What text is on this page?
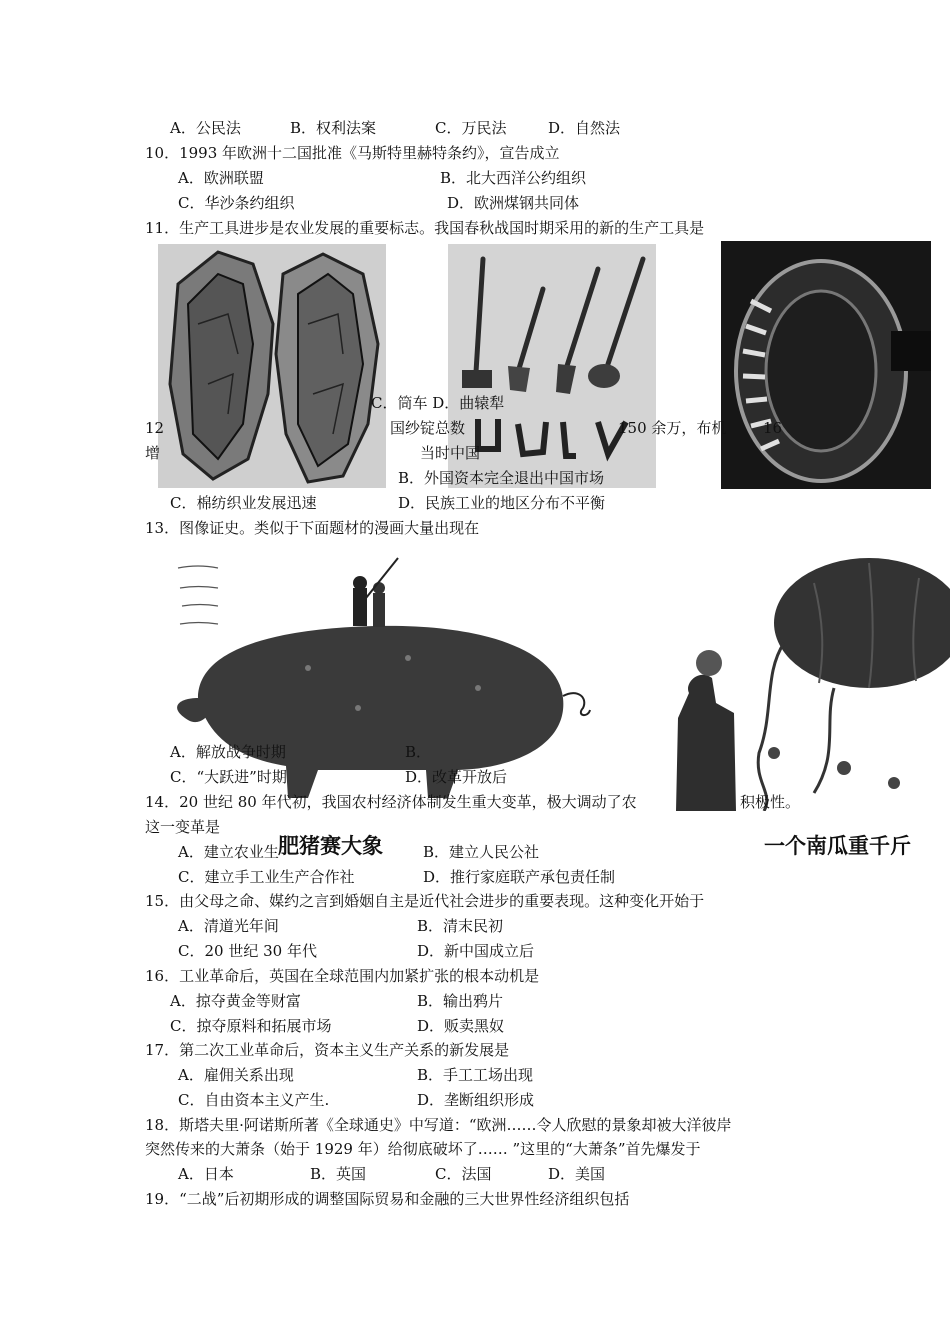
A．公民法	B．权利法案	C．万民法	D．自然法
10．1993 年欧洲十二国批准《马斯特里赫特条约》，宣告成立
A．欧洲联盟	B．北大西洋公约组织
C．华沙条约组织	D．欧洲煤钢共同体
11．生产工具进步是农业发展的重要标志。我国春秋战国时期采用的新的生产工具是
C．筒车 D．曲辕犁
12	国纱锭总数	150 余万，布机 16
增	当时中国
B．外国资本完全退出中国市场
C．棉纺织业发展迅速	D．民族工业的地区分布不平衡
13．图像证史。类似于下面题材的漫画大量出现在
肥猪赛大象	一个南瓜重千斤
A．解放战争时期	B．
C．“大跃进”时期	D．改革开放后
14．20 世纪 80 年代初，我国农村经济体制发生重大变革，极大调动了农	积极性。
这一变革是
A．建立农业生	B．建立人民公社
C．建立手工业生产合作社	D．推行家庭联产承包责任制
15．由父母之命、媒约之言到婚姻自主是近代社会进步的重要表现。这种变化开始于
A．清道光年间	B．清末民初
C．20 世纪 30 年代	D．新中国成立后
16．工业革命后，英国在全球范围内加紧扩张的根本动机是
A．掠夺黄金等财富	B．输出鸦片
C．掠夺原料和拓展市场	D．贩卖黑奴
17．第二次工业革命后，资本主义生产关系的新发展是
A．雇佣关系出现	B．手工工场出现
C．自由资本主义产生.	D．垄断组织形成
18．斯塔夫里·阿诺斯所著《全球通史》中写道：“欧洲……令人欣慰的景象却被大洋彼岸
突然传来的大萧条（始于 1929 年）给彻底破坏了…… ”这里的“大萧条”首先爆发于
A．日本	B．英国	C．法国	D．美国
19．“二战”后初期形成的调整国际贸易和金融的三大世界性经济组织包括
